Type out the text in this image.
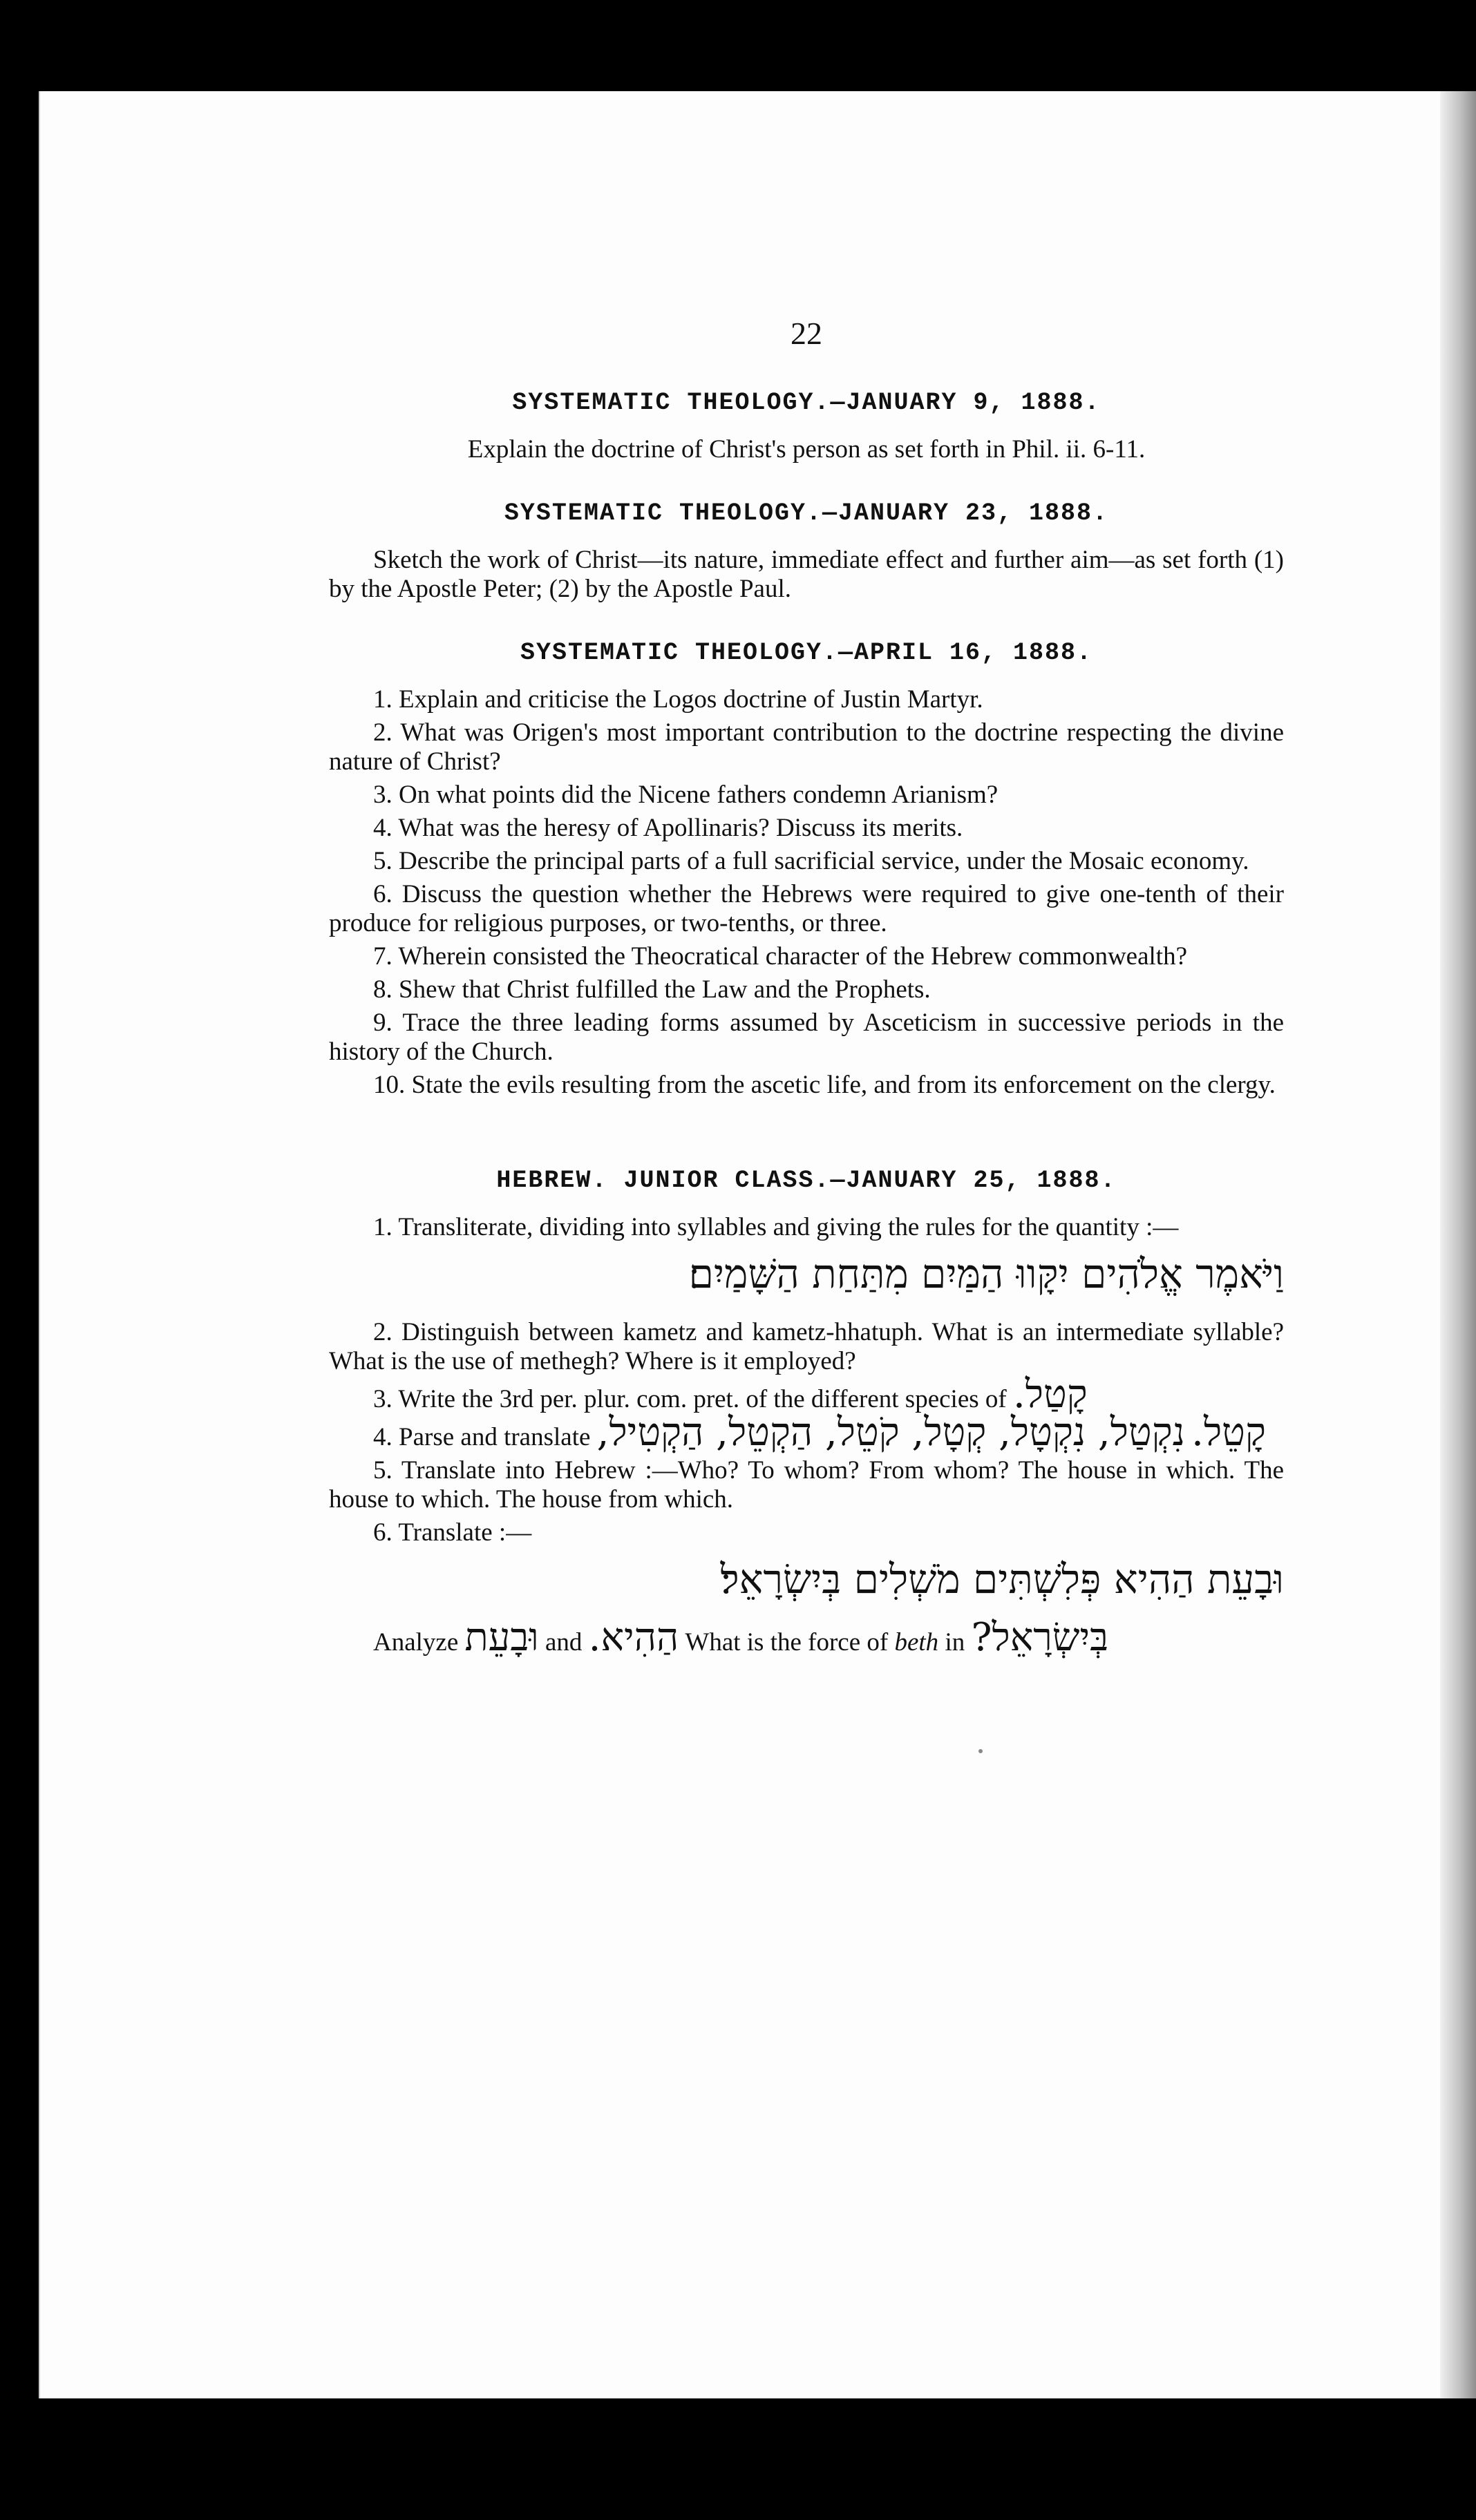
22
SYSTEMATIC THEOLOGY.—JANUARY 9, 1888.

Explain the doctrine of Christ's person as set forth in Phil. ii. 6-11.

SYSTEMATIC THEOLOGY.—JANUARY 23, 1888.

Sketch the work of Christ—its nature, immediate effect and further aim—as set forth (1) by the Apostle Peter; (2) by the Apostle Paul.

SYSTEMATIC THEOLOGY.—APRIL 16, 1888.

1. Explain and criticise the Logos doctrine of Justin Martyr.

2. What was Origen's most important contribution to the doctrine respecting the divine nature of Christ?

3. On what points did the Nicene fathers condemn Arianism?

4. What was the heresy of Apollinaris? Discuss its merits.

5. Describe the principal parts of a full sacrificial service, under the Mosaic economy.

6. Discuss the question whether the Hebrews were required to give one-tenth of their produce for religious purposes, or two-tenths, or three.

7. Wherein consisted the Theocratical character of the Hebrew commonwealth?

8. Shew that Christ fulfilled the Law and the Prophets.

9. Trace the three leading forms assumed by Asceticism in successive periods in the history of the Church.

10. State the evils resulting from the ascetic life, and from its enforcement on the clergy.

HEBREW. JUNIOR CLASS.—JANUARY 25, 1888.

1. Transliterate, dividing into syllables and giving the rules for the quantity :—

וַיֹּאמֶר אֱלֹהִים יִקָּווּ הַמַּיִם מִתַּחַת הַשָּׁמַיִם׃

2. Distinguish between kametz and kametz-hhatuph. What is an intermediate syllable? What is the use of methegh? Where is it employed?

3. Write the 3rd per. plur. com. pret. of the different species of קָטַל.

4. Parse and translate נִקְטַל, נִקְטָל, קְטָל, קֹטֵל, הַקְטֵל, הַקְטִיל, קָטֵל.

5. Translate into Hebrew :—Who? To whom? From whom? The house in which. The house to which. The house from which.

6. Translate :—

וּבָעֵת הַהִיא פְּלִשְׁתִּים מֹשְׁלִים בְּיִשְׂרָאֵל׃

Analyze וּבָעֵת and הַהִיא. What is the force of beth in בְּיִשְׂרָאֵל?
